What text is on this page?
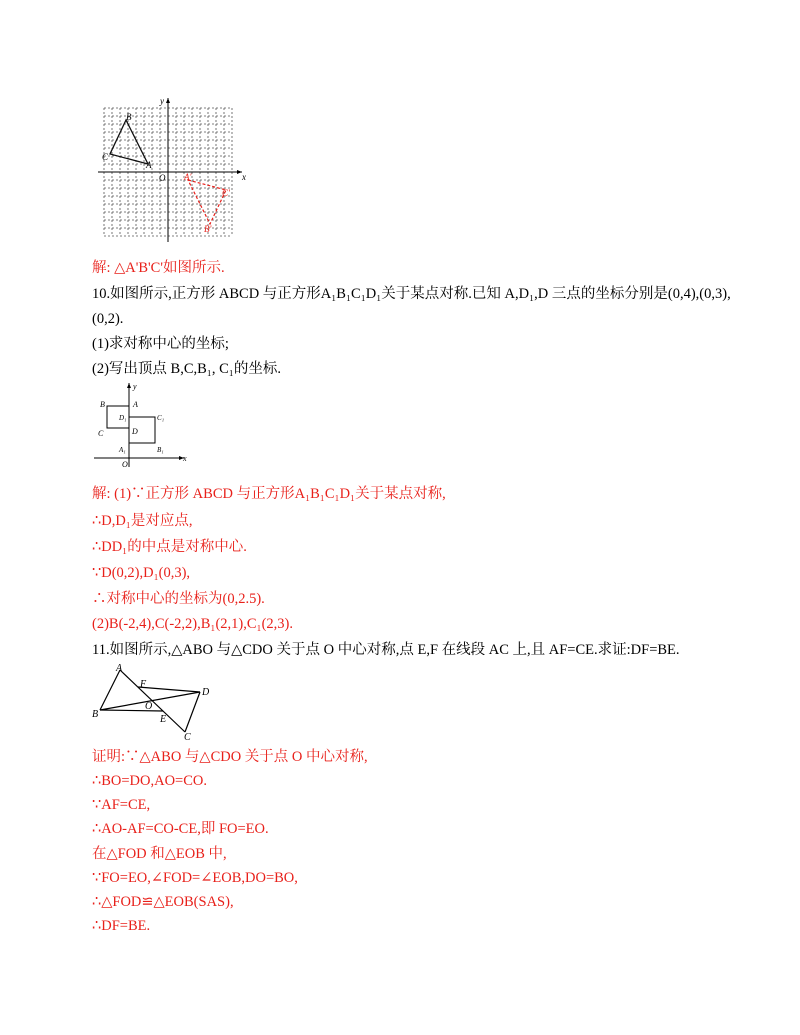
y
x
O
B
C
A
A'
C'
B'
解: △A'B'C'如图所示.
10.如图所示,正方形 ABCD 与正方形A₁B₁C₁D₁关于某点对称.已知 A,D₁,D 三点的坐标分别是(0,4),(0,3),
(0,2).
(1)求对称中心的坐标;
(2)写出顶点 B,C,B₁, C₁的坐标.
y
x
O
B	A
D₁	C₁
C	D
A₁	B₁
解: (1)∵正方形 ABCD 与正方形A₁B₁C₁D₁关于某点对称,
∴D,D₁是对应点,
∴DD₁的中点是对称中心.
∵D(0,2),D₁(0,3),
∴对称中心的坐标为(0,2.5).
(2)B(-2,4),C(-2,2),B₁(2,1),C₁(2,3).
11.如图所示,△ABO 与△CDO 关于点 O 中心对称,点 E,F 在线段 AC 上,且 AF=CE.求证:DF=BE.
A
B
C
D
E
F
O
证明:∵△ABO 与△CDO 关于点 O 中心对称,
∴BO=DO,AO=CO.
∵AF=CE,
∴AO-AF=CO-CE,即 FO=EO.
在△FOD 和△EOB 中,
∵FO=EO,∠FOD=∠EOB,DO=BO,
∴△FOD≌△EOB(SAS),
∴DF=BE.
